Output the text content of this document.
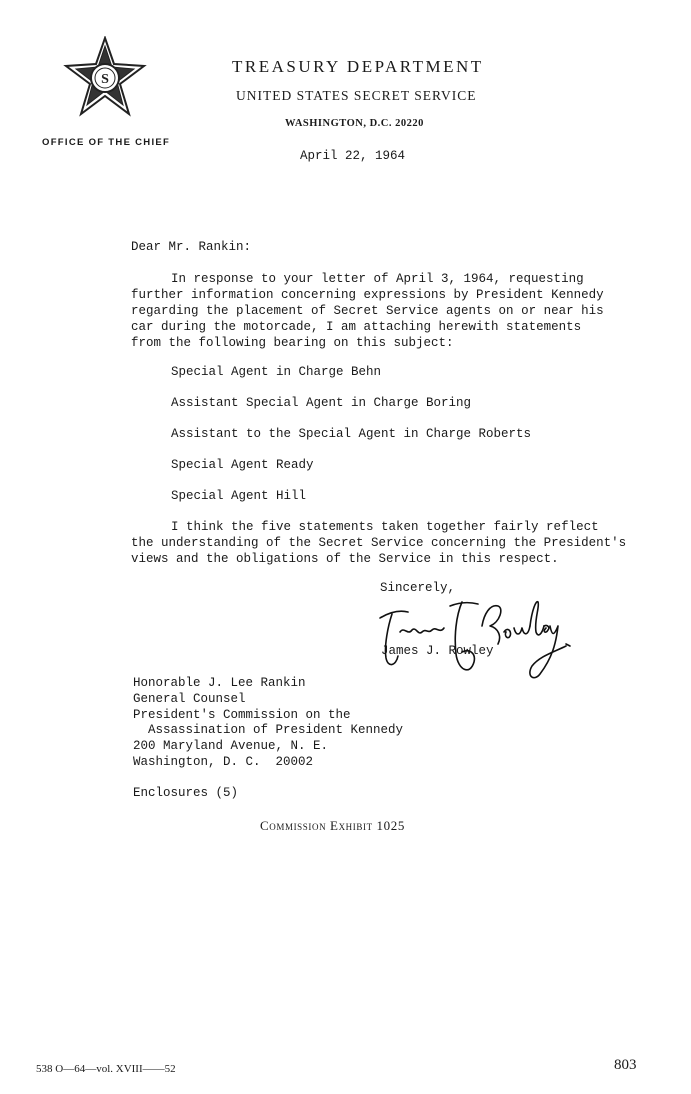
S
TREASURY DEPARTMENT
UNITED STATES SECRET SERVICE
WASHINGTON, D.C. 20220
OFFICE OF THE CHIEF
April 22, 1964
Dear Mr. Rankin:
In response to your letter of April 3, 1964, requesting
further information concerning expressions by President Kennedy
regarding the placement of Secret Service agents on or near his
car during the motorcade, I am attaching herewith statements
from the following bearing on this subject:
Special Agent in Charge Behn
Assistant Special Agent in Charge Boring
Assistant to the Special Agent in Charge Roberts
Special Agent Ready
Special Agent Hill
I think the five statements taken together fairly reflect
the understanding of the Secret Service concerning the President's
views and the obligations of the Service in this respect.
Sincerely,
James J. Rowley
Honorable J. Lee Rankin
General Counsel
President's Commission on the
Assassination of President Kennedy
200 Maryland Avenue, N. E.
Washington, D. C.  20002
Enclosures (5)
Commission Exhibit 1025
538 O—64—vol. XVIII——52	803
